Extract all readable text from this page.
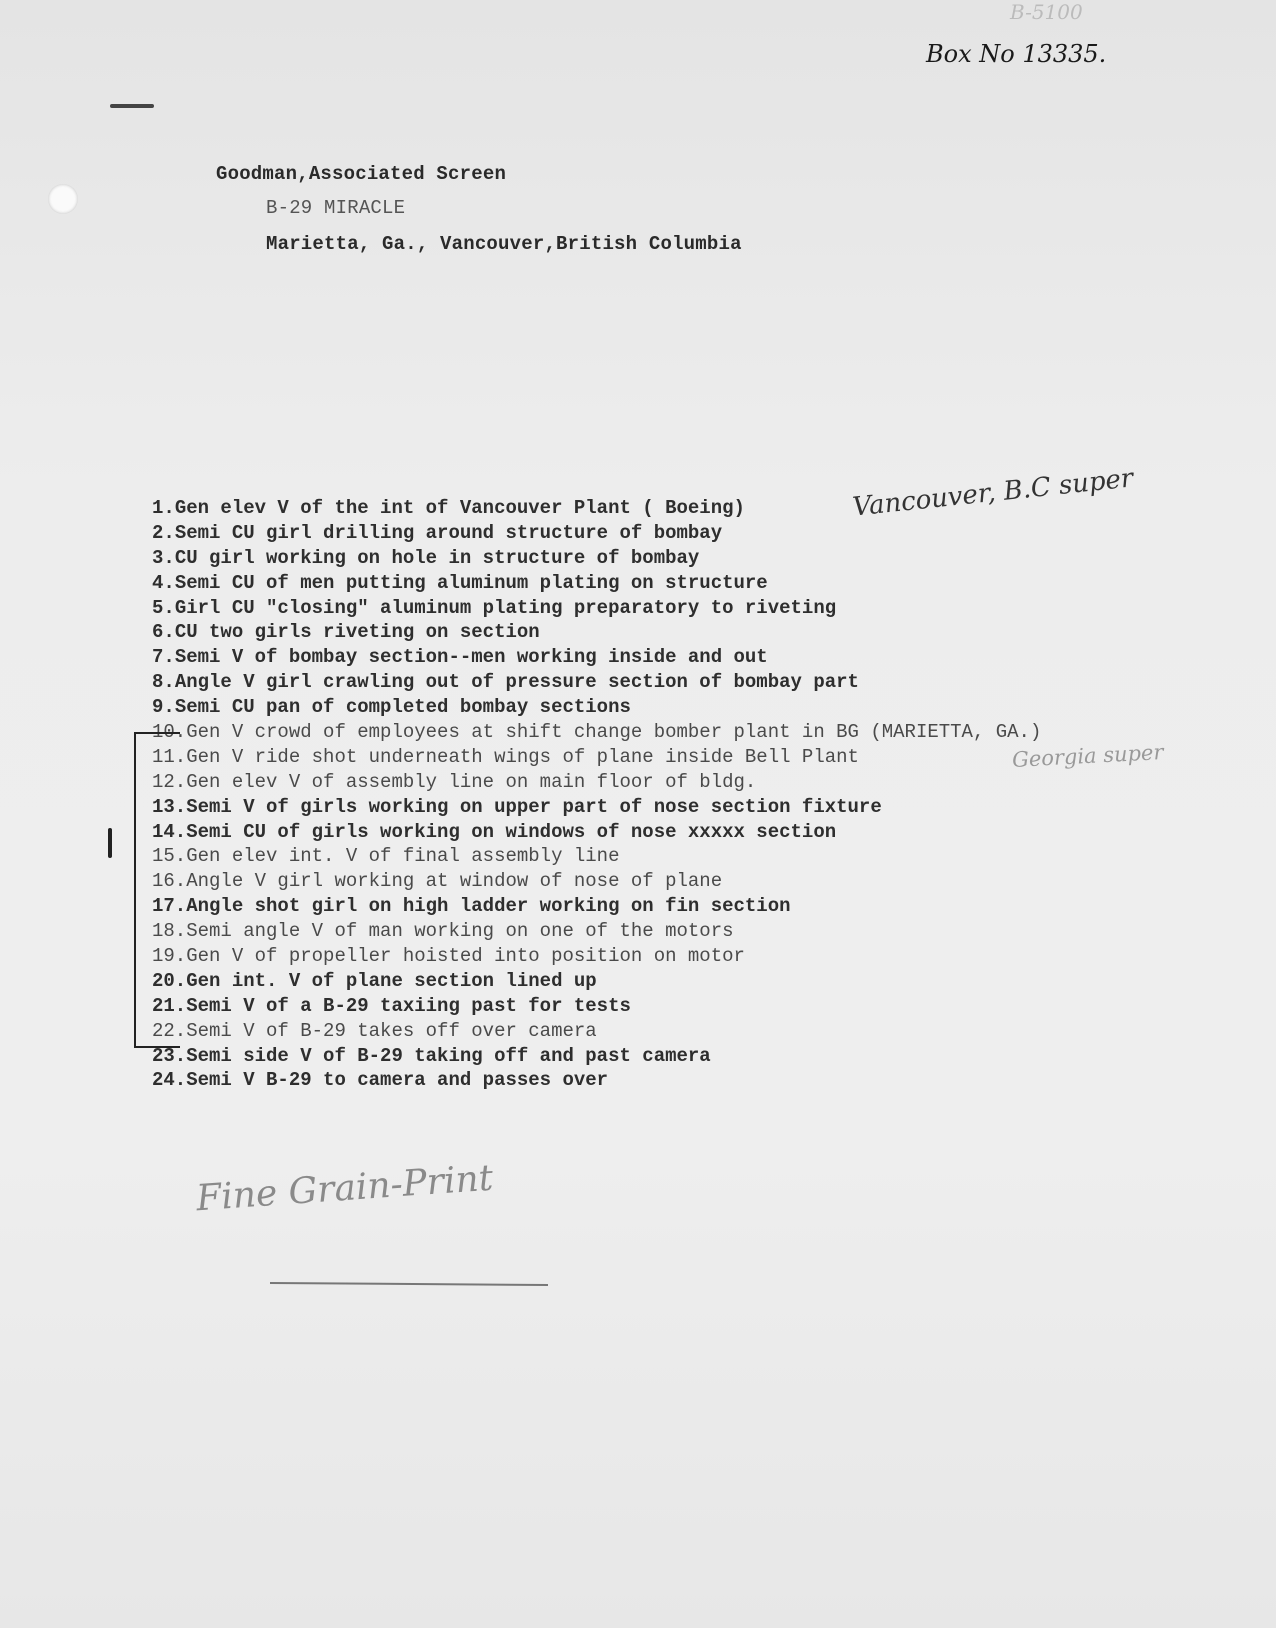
B-5100
Box No 13335.
Goodman,Associated Screen
B-29 MIRACLE
Marietta, Ga., Vancouver,British Columbia
1.Gen elev V of the int of Vancouver Plant ( Boeing)
2.Semi CU girl drilling around structure of bombay
3.CU girl working on hole in structure of bombay
4.Semi CU of men putting aluminum plating on structure
5.Girl CU "closing" aluminum plating preparatory to riveting
6.CU two girls riveting on section
7.Semi V of bombay section--men working inside and out
8.Angle V girl crawling out of pressure section of bombay part
9.Semi CU pan of completed bombay sections
10.Gen V crowd of employees at shift change bomber plant in BG (MARIETTA, GA.)
11.Gen V ride shot underneath wings of plane inside Bell Plant
12.Gen elev V of assembly line on main floor of bldg.
13.Semi V of girls working on upper part of nose section fixture
14.Semi CU of girls working on windows of nose xxxxx section
15.Gen elev int. V of final assembly line
16.Angle V girl working at window of nose of plane
17.Angle shot girl on high ladder working on fin section
18.Semi angle V of man working on one of the motors
19.Gen V of propeller hoisted into position on motor
20.Gen int. V of plane section lined up
21.Semi V of a B-29 taxiing past for tests
22.Semi V of B-29 takes off over camera
23.Semi side V of B-29 taking off and past camera
24.Semi V B-29 to camera and passes over
Vancouver, B.C super
Georgia super
Fine Grain-Print
